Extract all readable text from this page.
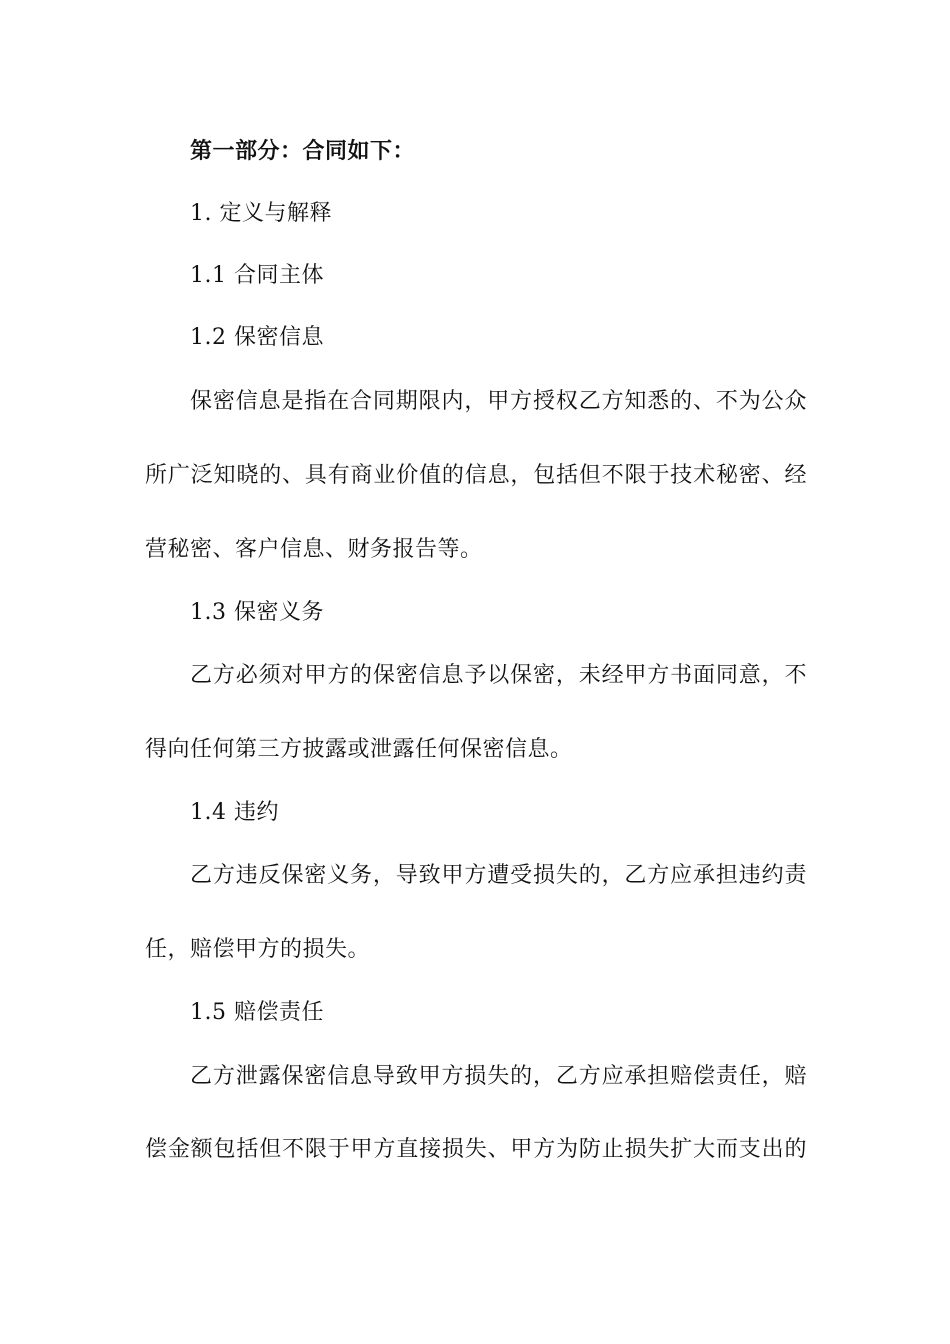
第一部分：合同如下：
1. 定义与解释
1.1 合同主体
1.2 保密信息
保密信息是指在合同期限内，甲方授权乙方知悉的、不为公众
所广泛知晓的、具有商业价值的信息，包括但不限于技术秘密、经
营秘密、客户信息、财务报告等。
1.3 保密义务
乙方必须对甲方的保密信息予以保密，未经甲方书面同意，不
得向任何第三方披露或泄露任何保密信息。
1.4 违约
乙方违反保密义务，导致甲方遭受损失的，乙方应承担违约责
任，赔偿甲方的损失。
1.5 赔偿责任
乙方泄露保密信息导致甲方损失的，乙方应承担赔偿责任，赔
偿金额包括但不限于甲方直接损失、甲方为防止损失扩大而支出的
